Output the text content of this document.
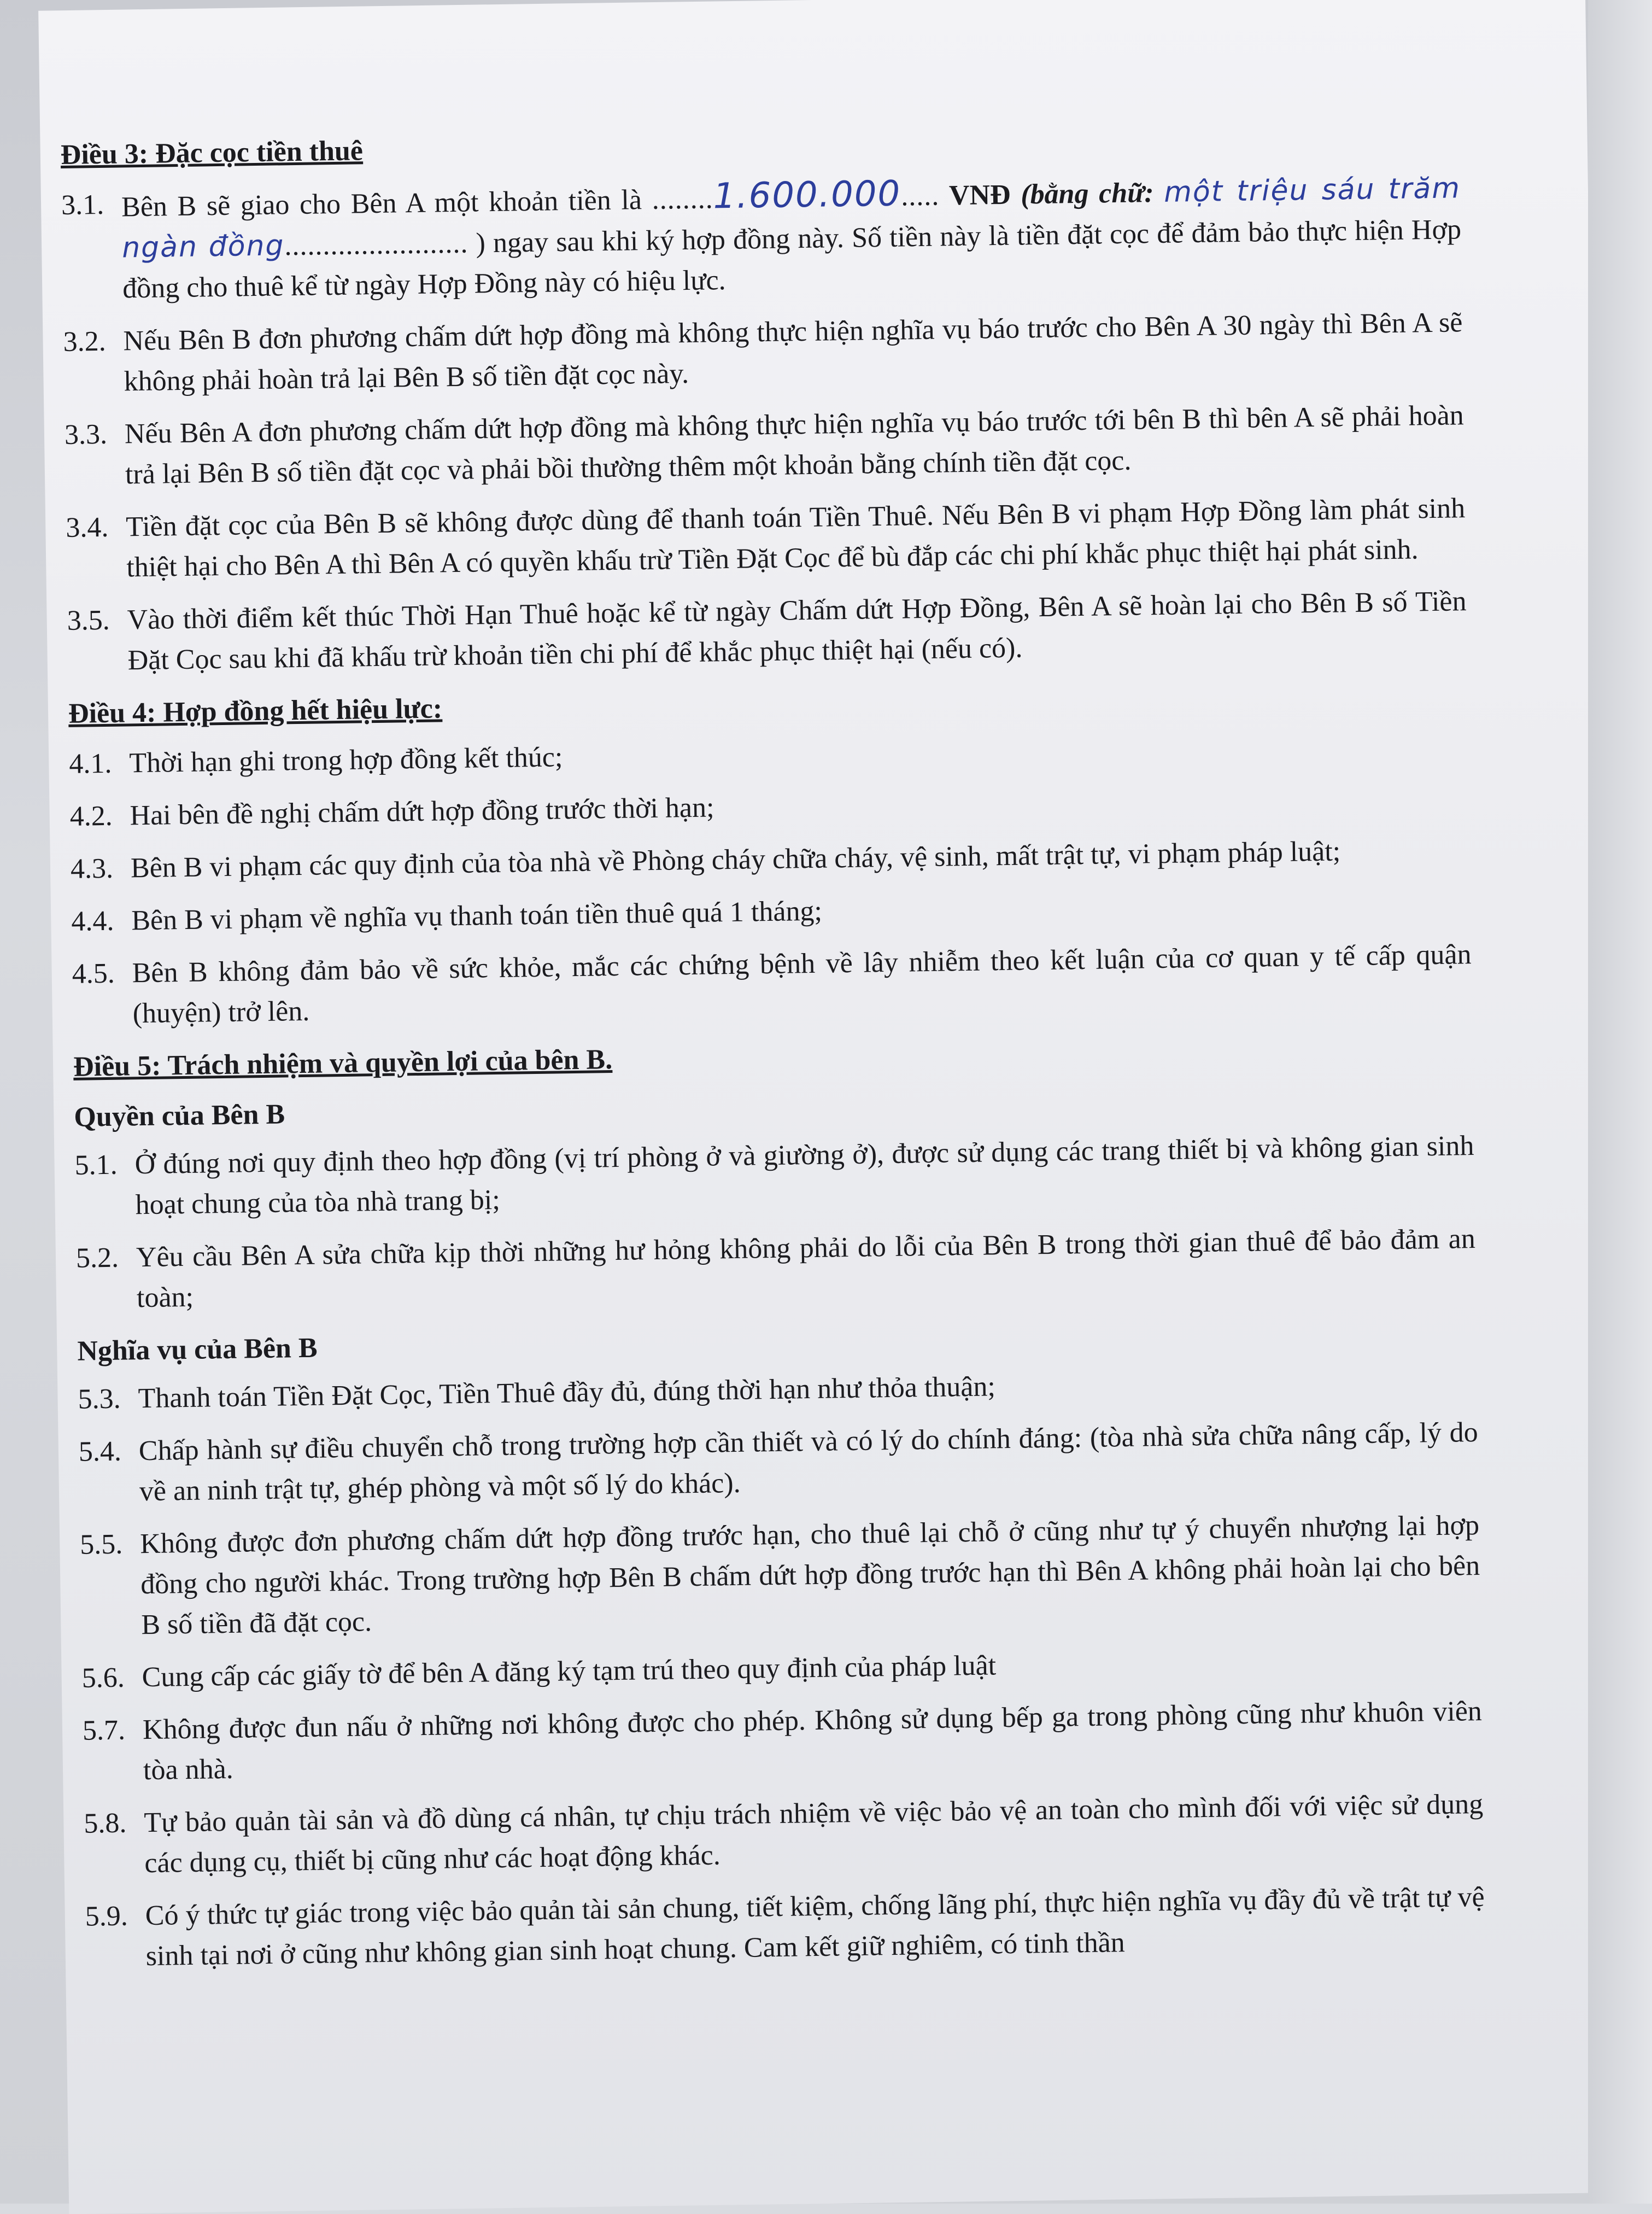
Điều 3: Đặc cọc tiền thuê
3.1. Bên B sẽ giao cho Bên A một khoản tiền là ........1.600.000..... VNĐ (bằng chữ: một triệu sáu trăm ngàn đồng........................ ) ngay sau khi ký hợp đồng này. Số tiền này là tiền đặt cọc để đảm bảo thực hiện Hợp đồng cho thuê kể từ ngày Hợp Đồng này có hiệu lực.
3.2. Nếu Bên B đơn phương chấm dứt hợp đồng mà không thực hiện nghĩa vụ báo trước cho Bên A 30 ngày thì Bên A sẽ không phải hoàn trả lại Bên B số tiền đặt cọc này.
3.3. Nếu Bên A đơn phương chấm dứt hợp đồng mà không thực hiện nghĩa vụ báo trước tới bên B thì bên A sẽ phải hoàn trả lại Bên B số tiền đặt cọc và phải bồi thường thêm một khoản bằng chính tiền đặt cọc.
3.4. Tiền đặt cọc của Bên B sẽ không được dùng để thanh toán Tiền Thuê. Nếu Bên B vi phạm Hợp Đồng làm phát sinh thiệt hại cho Bên A thì Bên A có quyền khấu trừ Tiền Đặt Cọc để bù đắp các chi phí khắc phục thiệt hại phát sinh.
3.5. Vào thời điểm kết thúc Thời Hạn Thuê hoặc kể từ ngày Chấm dứt Hợp Đồng, Bên A sẽ hoàn lại cho Bên B số Tiền Đặt Cọc sau khi đã khấu trừ khoản tiền chi phí để khắc phục thiệt hại (nếu có).
Điều 4: Hợp đồng hết hiệu lực:
4.1. Thời hạn ghi trong hợp đồng kết thúc;
4.2. Hai bên đề nghị chấm dứt hợp đồng trước thời hạn;
4.3. Bên B vi phạm các quy định của tòa nhà về Phòng cháy chữa cháy, vệ sinh, mất trật tự, vi phạm pháp luật;
4.4. Bên B vi phạm về nghĩa vụ thanh toán tiền thuê quá 1 tháng;
4.5. Bên B không đảm bảo về sức khỏe, mắc các chứng bệnh về lây nhiễm theo kết luận của cơ quan y tế cấp quận (huyện) trở lên.
Điều 5: Trách nhiệm và quyền lợi của bên B.
Quyền của Bên B
5.1. Ở đúng nơi quy định theo hợp đồng (vị trí phòng ở và giường ở), được sử dụng các trang thiết bị và không gian sinh hoạt chung của tòa nhà trang bị;
5.2. Yêu cầu Bên A sửa chữa kịp thời những hư hỏng không phải do lỗi của Bên B trong thời gian thuê để bảo đảm an toàn;
Nghĩa vụ của Bên B
5.3. Thanh toán Tiền Đặt Cọc, Tiền Thuê đầy đủ, đúng thời hạn như thỏa thuận;
5.4. Chấp hành sự điều chuyển chỗ trong trường hợp cần thiết và có lý do chính đáng: (tòa nhà sửa chữa nâng cấp, lý do về an ninh trật tự, ghép phòng và một số lý do khác).
5.5. Không được đơn phương chấm dứt hợp đồng trước hạn, cho thuê lại chỗ ở cũng như tự ý chuyển nhượng lại hợp đồng cho người khác. Trong trường hợp Bên B chấm dứt hợp đồng trước hạn thì Bên A không phải hoàn lại cho bên B số tiền đã đặt cọc.
5.6. Cung cấp các giấy tờ để bên A đăng ký tạm trú theo quy định của pháp luật
5.7. Không được đun nấu ở những nơi không được cho phép. Không sử dụng bếp ga trong phòng cũng như khuôn viên tòa nhà.
5.8. Tự bảo quản tài sản và đồ dùng cá nhân, tự chịu trách nhiệm về việc bảo vệ an toàn cho mình đối với việc sử dụng các dụng cụ, thiết bị cũng như các hoạt động khác.
5.9. Có ý thức tự giác trong việc bảo quản tài sản chung, tiết kiệm, chống lãng phí, thực hiện nghĩa vụ đầy đủ về trật tự vệ sinh tại nơi ở cũng như không gian sinh hoạt chung. Cam kết giữ nghiêm, có tinh thần
